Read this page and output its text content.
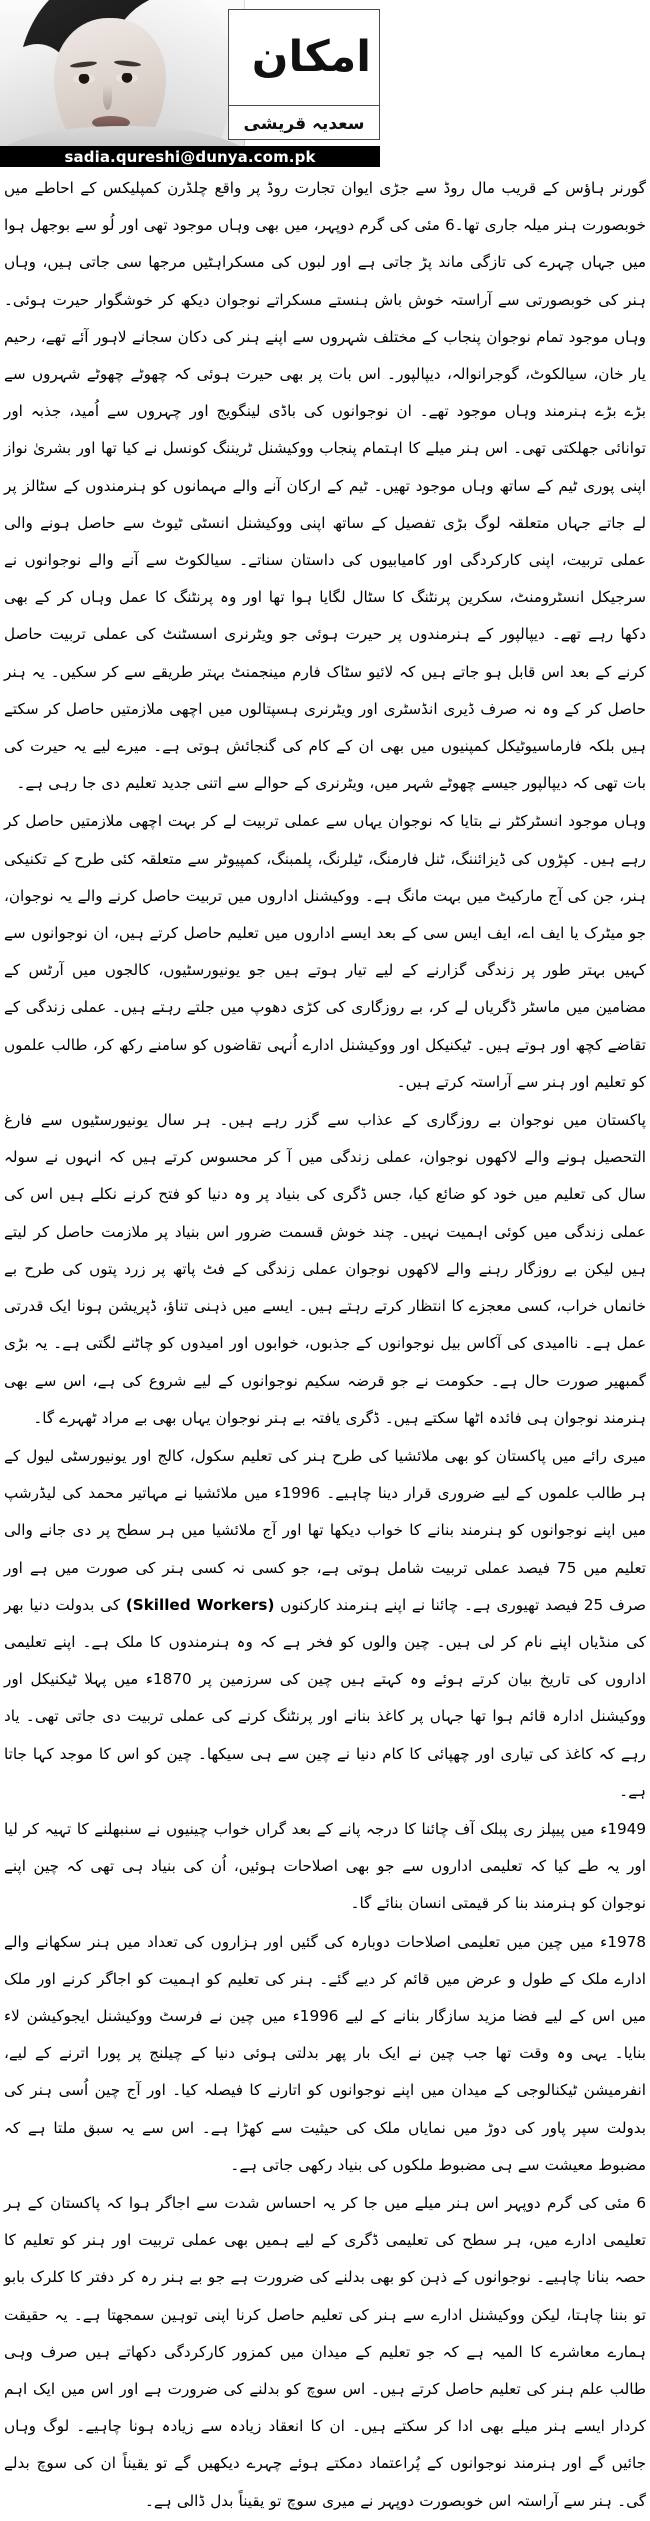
امکان
سعدیہ قریشی
sadia.qureshi@dunya.com.pk

گورنر ہاؤس کے قریب مال روڈ سے جڑی ایوان تجارت روڈ پر واقع چلڈرن کمپلیکس کے احاطے میں خوبصورت ہنر میلہ جاری تھا۔6 مئی کی گرم دوپہر، میں بھی وہاں موجود تھی اور لُو سے بوجھل ہوا میں جہاں چہرے کی تازگی ماند پڑ جاتی ہے اور لبوں کی مسکراہٹیں مرجھا سی جاتی ہیں، وہاں ہنر کی خوبصورتی سے آراستہ خوش باش ہنستے مسکراتے نوجوان دیکھ کر خوشگوار حیرت ہوئی۔ وہاں موجود تمام نوجوان پنجاب کے مختلف شہروں سے اپنے ہنر کی دکان سجانے لاہور آئے تھے، رحیم یار خان، سیالکوٹ، گوجرانوالہ، دیپالپور۔ اس بات پر بھی حیرت ہوئی کہ چھوٹے چھوٹے شہروں سے بڑے بڑے ہنرمند وہاں موجود تھے۔ ان نوجوانوں کی باڈی لینگویج اور چہروں سے اُمید، جذبہ اور توانائی جھلکتی تھی۔ اس ہنر میلے کا اہتمام پنجاب ووکیشنل ٹریننگ کونسل نے کیا تھا اور بشریٰ نواز اپنی پوری ٹیم کے ساتھ وہاں موجود تھیں۔ ٹیم کے ارکان آنے والے مہمانوں کو ہنرمندوں کے سٹالز پر لے جاتے جہاں متعلقہ لوگ بڑی تفصیل کے ساتھ اپنی ووکیشنل انسٹی ٹیوٹ سے حاصل ہونے والی عملی تربیت، اپنی کارکردگی اور کامیابیوں کی داستان سناتے۔ سیالکوٹ سے آنے والے نوجوانوں نے سرجیکل انسٹرومنٹ، سکرین پرنٹنگ کا سٹال لگایا ہوا تھا اور وہ پرنٹنگ کا عمل وہاں کر کے بھی دکھا رہے تھے۔ دیپالپور کے ہنرمندوں پر حیرت ہوئی جو ویٹرنری اسسٹنٹ کی عملی تربیت حاصل کرنے کے بعد اس قابل ہو جاتے ہیں کہ لائیو سٹاک فارم مینجمنٹ بہتر طریقے سے کر سکیں۔ یہ ہنر حاصل کر کے وہ نہ صرف ڈیری انڈسٹری اور ویٹرنری ہسپتالوں میں اچھی ملازمتیں حاصل کر سکتے ہیں بلکہ فارماسیوٹیکل کمپنیوں میں بھی ان کے کام کی گنجائش ہوتی ہے۔ میرے لیے یہ حیرت کی بات تھی کہ دیپالپور جیسے چھوٹے شہر میں، ویٹرنری کے حوالے سے اتنی جدید تعلیم دی جا رہی ہے۔

وہاں موجود انسٹرکٹر نے بتایا کہ نوجوان یہاں سے عملی تربیت لے کر بہت اچھی ملازمتیں حاصل کر رہے ہیں۔ کپڑوں کی ڈیزائننگ، ٹنل فارمنگ، ٹیلرنگ، پلمبنگ، کمپیوٹر سے متعلقہ کئی طرح کے تکنیکی ہنر، جن کی آج مارکیٹ میں بہت مانگ ہے۔ ووکیشنل اداروں میں تربیت حاصل کرنے والے یہ نوجوان، جو میٹرک یا ایف اے، ایف ایس سی کے بعد ایسے اداروں میں تعلیم حاصل کرتے ہیں، ان نوجوانوں سے کہیں بہتر طور پر زندگی گزارنے کے لیے تیار ہوتے ہیں جو یونیورسٹیوں، کالجوں میں آرٹس کے مضامین میں ماسٹر ڈگریاں لے کر، بے روزگاری کی کڑی دھوپ میں جلتے رہتے ہیں۔ عملی زندگی کے تقاضے کچھ اور ہوتے ہیں۔ ٹیکنیکل اور ووکیشنل ادارے اُنہی تقاضوں کو سامنے رکھ کر، طالب علموں کو تعلیم اور ہنر سے آراستہ کرتے ہیں۔

پاکستان میں نوجوان بے روزگاری کے عذاب سے گزر رہے ہیں۔ ہر سال یونیورسٹیوں سے فارغ التحصیل ہونے والے لاکھوں نوجوان، عملی زندگی میں آ کر محسوس کرتے ہیں کہ انہوں نے سولہ سال کی تعلیم میں خود کو ضائع کیا، جس ڈگری کی بنیاد پر وہ دنیا کو فتح کرنے نکلے ہیں اس کی عملی زندگی میں کوئی اہمیت نہیں۔ چند خوش قسمت ضرور اس بنیاد پر ملازمت حاصل کر لیتے ہیں لیکن بے روزگار رہنے والے لاکھوں نوجوان عملی زندگی کے فٹ پاتھ پر زرد پتوں کی طرح بے خانماں خراب، کسی معجزے کا انتظار کرتے رہتے ہیں۔ ایسے میں ذہنی تناؤ، ڈپریشن ہونا ایک قدرتی عمل ہے۔ ناامیدی کی آکاس بیل نوجوانوں کے جذبوں، خوابوں اور امیدوں کو چاٹنے لگتی ہے۔ یہ بڑی گمبھیر صورت حال ہے۔ حکومت نے جو قرضہ سکیم نوجوانوں کے لیے شروع کی ہے، اس سے بھی ہنرمند نوجوان ہی فائدہ اٹھا سکتے ہیں۔ ڈگری یافتہ بے ہنر نوجوان یہاں بھی بے مراد ٹھہرے گا۔

میری رائے میں پاکستان کو بھی ملائشیا کی طرح ہنر کی تعلیم سکول، کالج اور یونیورسٹی لیول کے ہر طالب علموں کے لیے ضروری قرار دینا چاہیے۔ 1996ء میں ملائشیا نے مہاتیر محمد کی لیڈرشپ میں اپنے نوجوانوں کو ہنرمند بنانے کا خواب دیکھا تھا اور آج ملائشیا میں ہر سطح پر دی جانے والی تعلیم میں 75 فیصد عملی تربیت شامل ہوتی ہے، جو کسی نہ کسی ہنر کی صورت میں ہے اور صرف 25 فیصد تھیوری ہے۔ چائنا نے اپنے ہنرمند کارکنوں (Skilled Workers) کی بدولت دنیا بھر کی منڈیاں اپنے نام کر لی ہیں۔ چین والوں کو فخر ہے کہ وہ ہنرمندوں کا ملک ہے۔ اپنے تعلیمی اداروں کی تاریخ بیان کرتے ہوئے وہ کہتے ہیں چین کی سرزمین پر 1870ء میں پہلا ٹیکنیکل اور ووکیشنل ادارہ قائم ہوا تھا جہاں پر کاغذ بنانے اور پرنٹنگ کرنے کی عملی تربیت دی جاتی تھی۔ یاد رہے کہ کاغذ کی تیاری اور چھپائی کا کام دنیا نے چین سے ہی سیکھا۔ چین کو اس کا موجد کہا جاتا ہے۔

1949ء میں پیپلز ری پبلک آف چائنا کا درجہ پانے کے بعد گراں خواب چینیوں نے سنبھلنے کا تہیہ کر لیا اور یہ طے کیا کہ تعلیمی اداروں سے جو بھی اصلاحات ہوئیں، اُن کی بنیاد ہی تھی کہ چین اپنے نوجوان کو ہنرمند بنا کر قیمتی انسان بنائے گا۔

1978ء میں چین میں تعلیمی اصلاحات دوبارہ کی گئیں اور ہزاروں کی تعداد میں ہنر سکھانے والے ادارے ملک کے طول و عرض میں قائم کر دیے گئے۔ ہنر کی تعلیم کو اہمیت کو اجاگر کرنے اور ملک میں اس کے لیے فضا مزید سازگار بنانے کے لیے 1996ء میں چین نے فرسٹ ووکیشنل ایجوکیشن لاء بنایا۔ یہی وہ وقت تھا جب چین نے ایک بار پھر بدلتی ہوئی دنیا کے چیلنج پر پورا اترنے کے لیے، انفرمیشن ٹیکنالوجی کے میدان میں اپنے نوجوانوں کو اتارنے کا فیصلہ کیا۔ اور آج چین اُسی ہنر کی بدولت سپر پاور کی دوڑ میں نمایاں ملک کی حیثیت سے کھڑا ہے۔ اس سے یہ سبق ملتا ہے کہ مضبوط معیشت سے ہی مضبوط ملکوں کی بنیاد رکھی جاتی ہے۔

6 مئی کی گرم دوپہر اس ہنر میلے میں جا کر یہ احساس شدت سے اجاگر ہوا کہ پاکستان کے ہر تعلیمی ادارے میں، ہر سطح کی تعلیمی ڈگری کے لیے ہمیں بھی عملی تربیت اور ہنر کو تعلیم کا حصہ بنانا چاہیے۔ نوجوانوں کے ذہن کو بھی بدلنے کی ضرورت ہے جو بے ہنر رہ کر دفتر کا کلرک بابو تو بننا چاہتا، لیکن ووکیشنل ادارے سے ہنر کی تعلیم حاصل کرنا اپنی توہین سمجھتا ہے۔ یہ حقیقت ہمارے معاشرے کا المیہ ہے کہ جو تعلیم کے میدان میں کمزور کارکردگی دکھاتے ہیں صرف وہی طالب علم ہنر کی تعلیم حاصل کرتے ہیں۔ اس سوچ کو بدلنے کی ضرورت ہے اور اس میں ایک اہم کردار ایسے ہنر میلے بھی ادا کر سکتے ہیں۔ ان کا انعقاد زیادہ سے زیادہ ہونا چاہیے۔ لوگ وہاں جائیں گے اور ہنرمند نوجوانوں کے پُراعتماد دمکتے ہوئے چہرے دیکھیں گے تو یقیناً ان کی سوچ بدلے گی۔ ہنر سے آراستہ اس خوبصورت دوپہر نے میری سوچ تو یقیناً بدل ڈالی ہے۔
